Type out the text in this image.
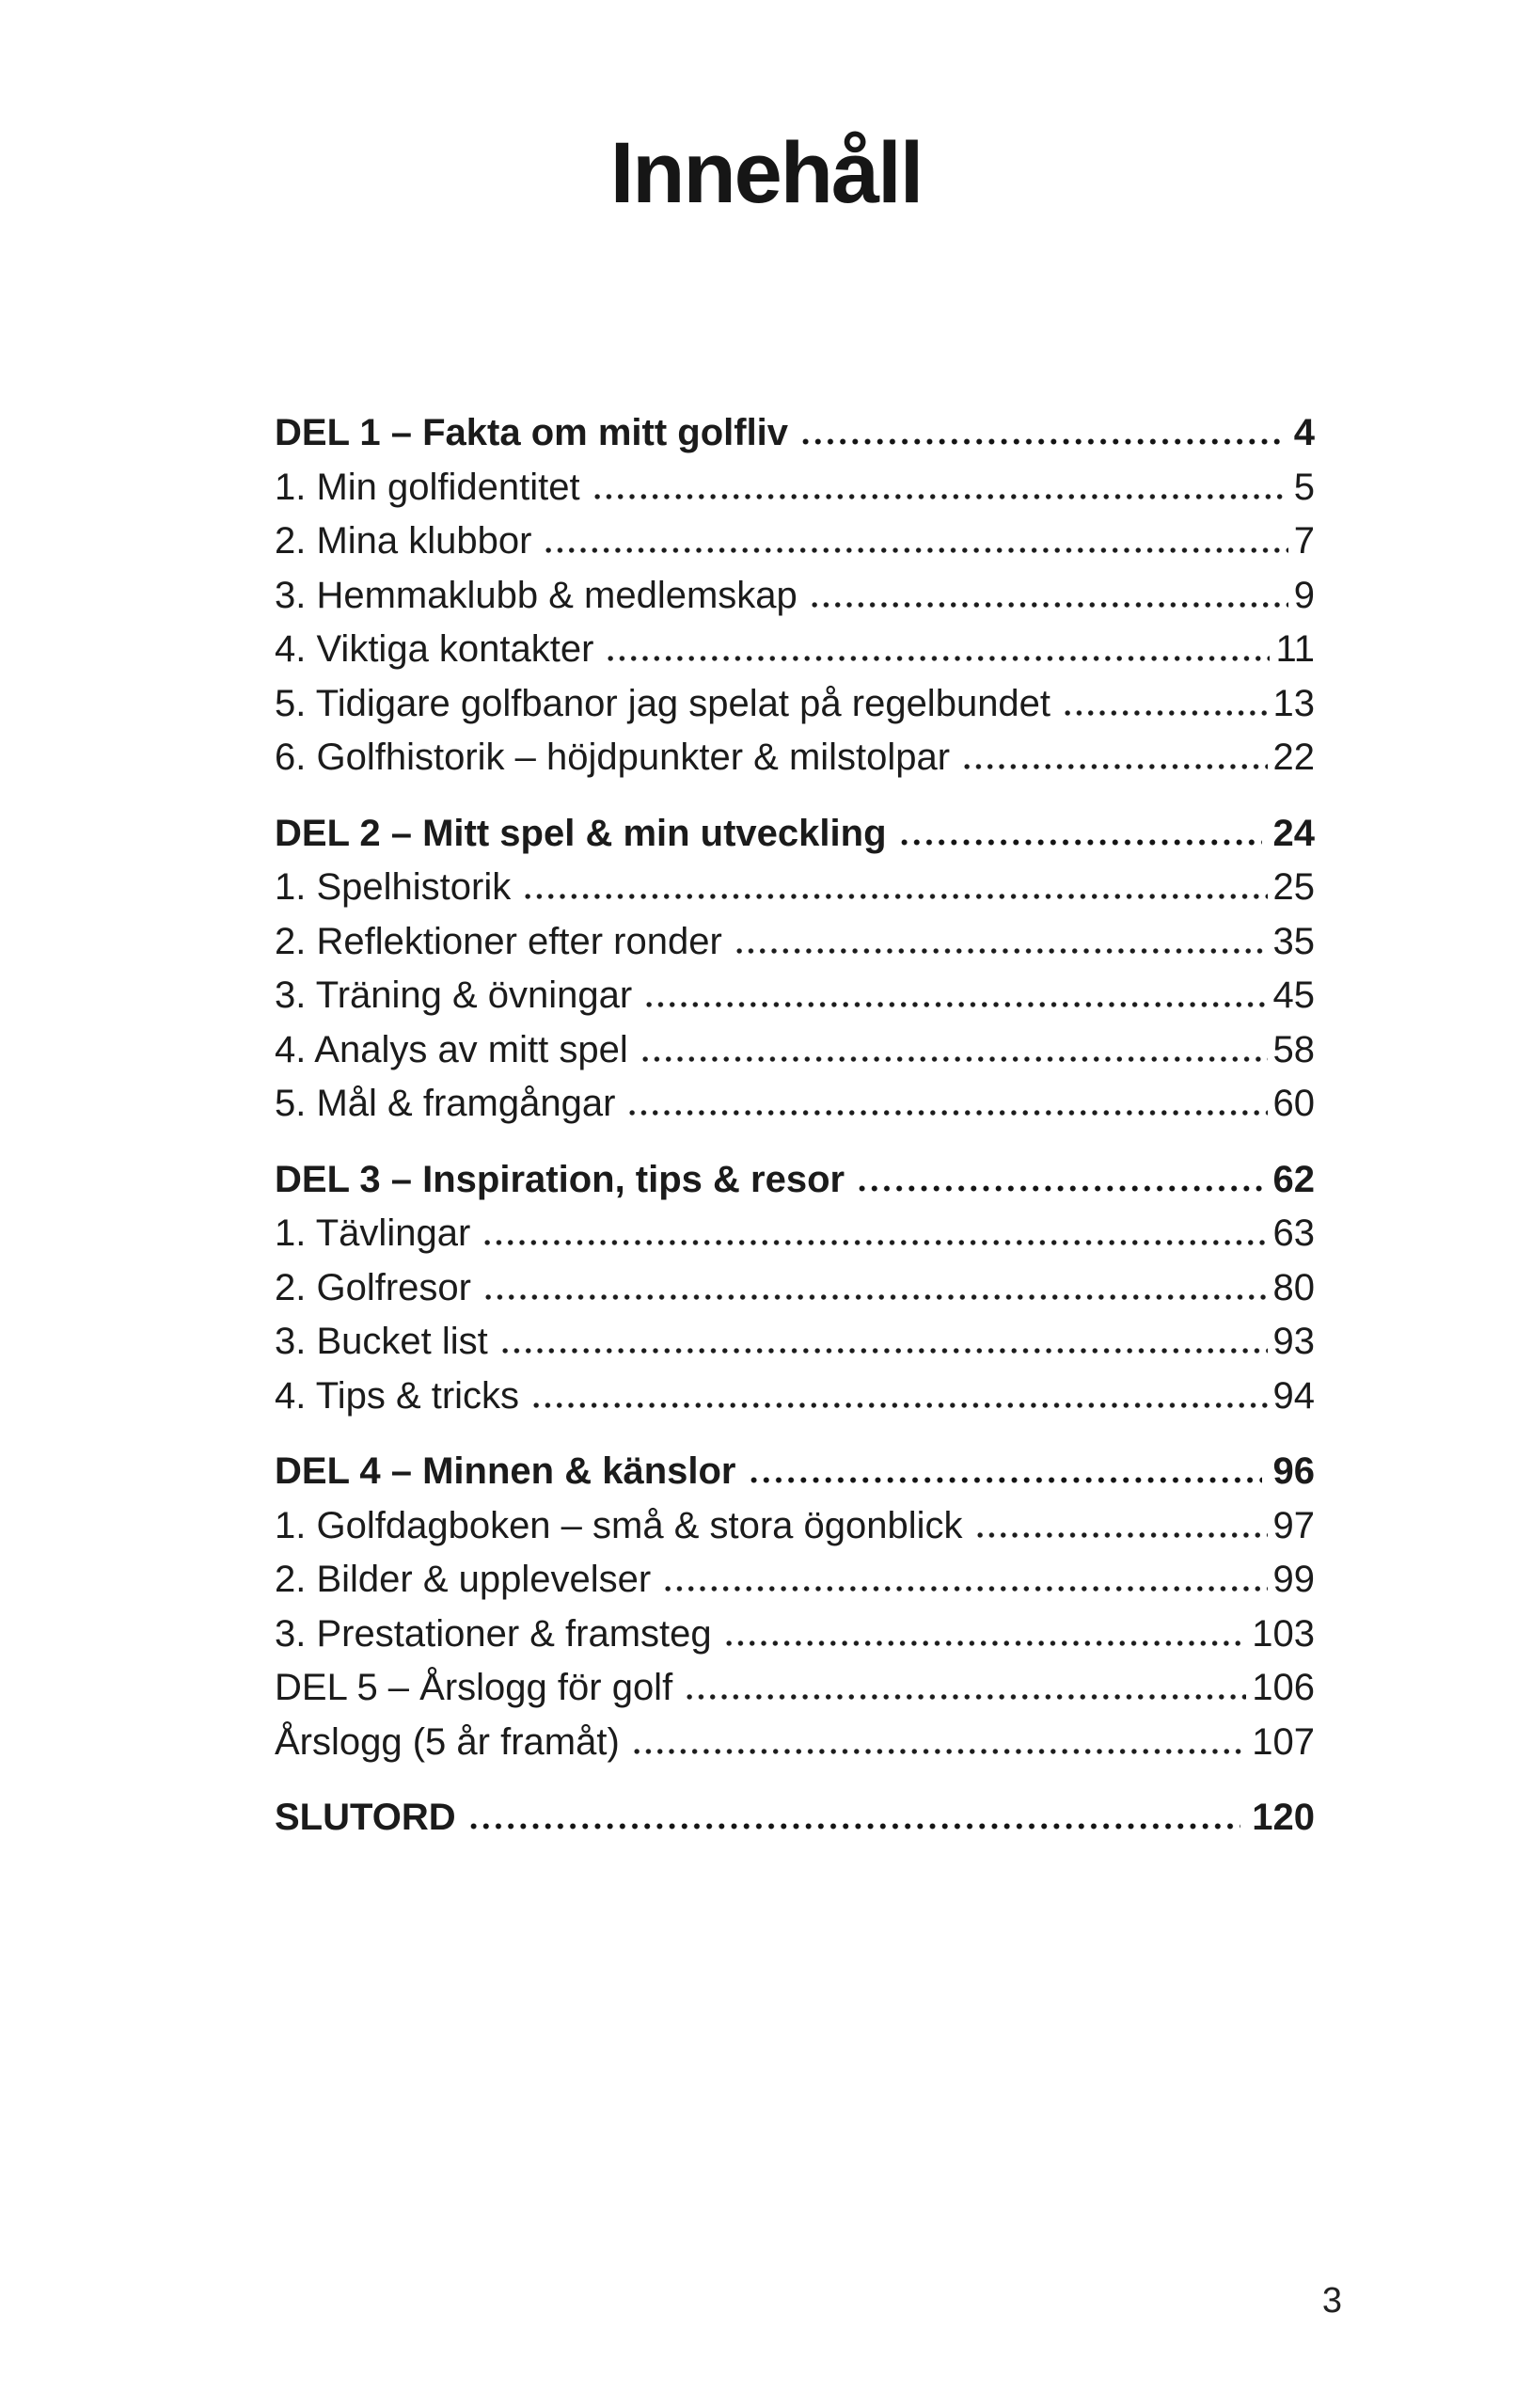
Innehåll
DEL 1 – Fakta om mitt golfliv	4
1. Min golfidentitet	5
2. Mina klubbor	7
3. Hemmaklubb & medlemskap	9
4. Viktiga kontakter	11
5. Tidigare golfbanor jag spelat på regelbundet	13
6. Golfhistorik – höjdpunkter & milstolpar	22
DEL 2 – Mitt spel & min utveckling	24
1. Spelhistorik	25
2. Reflektioner efter ronder	35
3. Träning & övningar	45
4. Analys av mitt spel	58
5. Mål & framgångar	60
DEL 3 – Inspiration, tips & resor	62
1. Tävlingar	63
2. Golfresor	80
3. Bucket list	93
4. Tips & tricks	94
DEL 4 – Minnen & känslor	96
1. Golfdagboken – små & stora ögonblick	97
2. Bilder & upplevelser	99
3. Prestationer & framsteg	103
DEL 5 – Årslogg för golf	106
Årslogg (5 år framåt)	107
SLUTORD	120
3
